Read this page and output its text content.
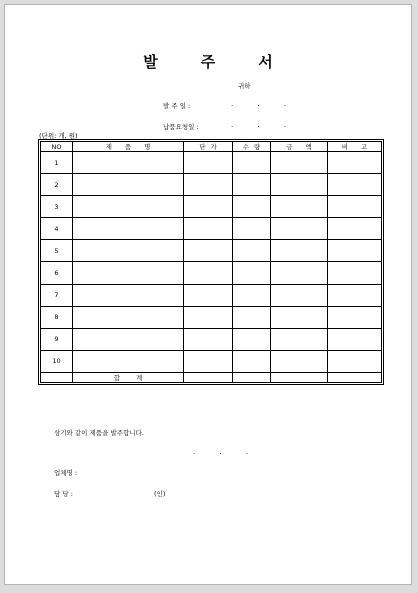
발주서
귀하
발 주 일 :	. . .
납품요청일 :	. . .
(단위: 개, 원)
NO	제품명	단가	수량	금액	비고
1					
2					
3					
4					
5					
6					
7					
8					
9					
10					
	합계				
상기와 같이 제품을 발주합니다.
. . .
업체명 :
담 당 :	(인)
